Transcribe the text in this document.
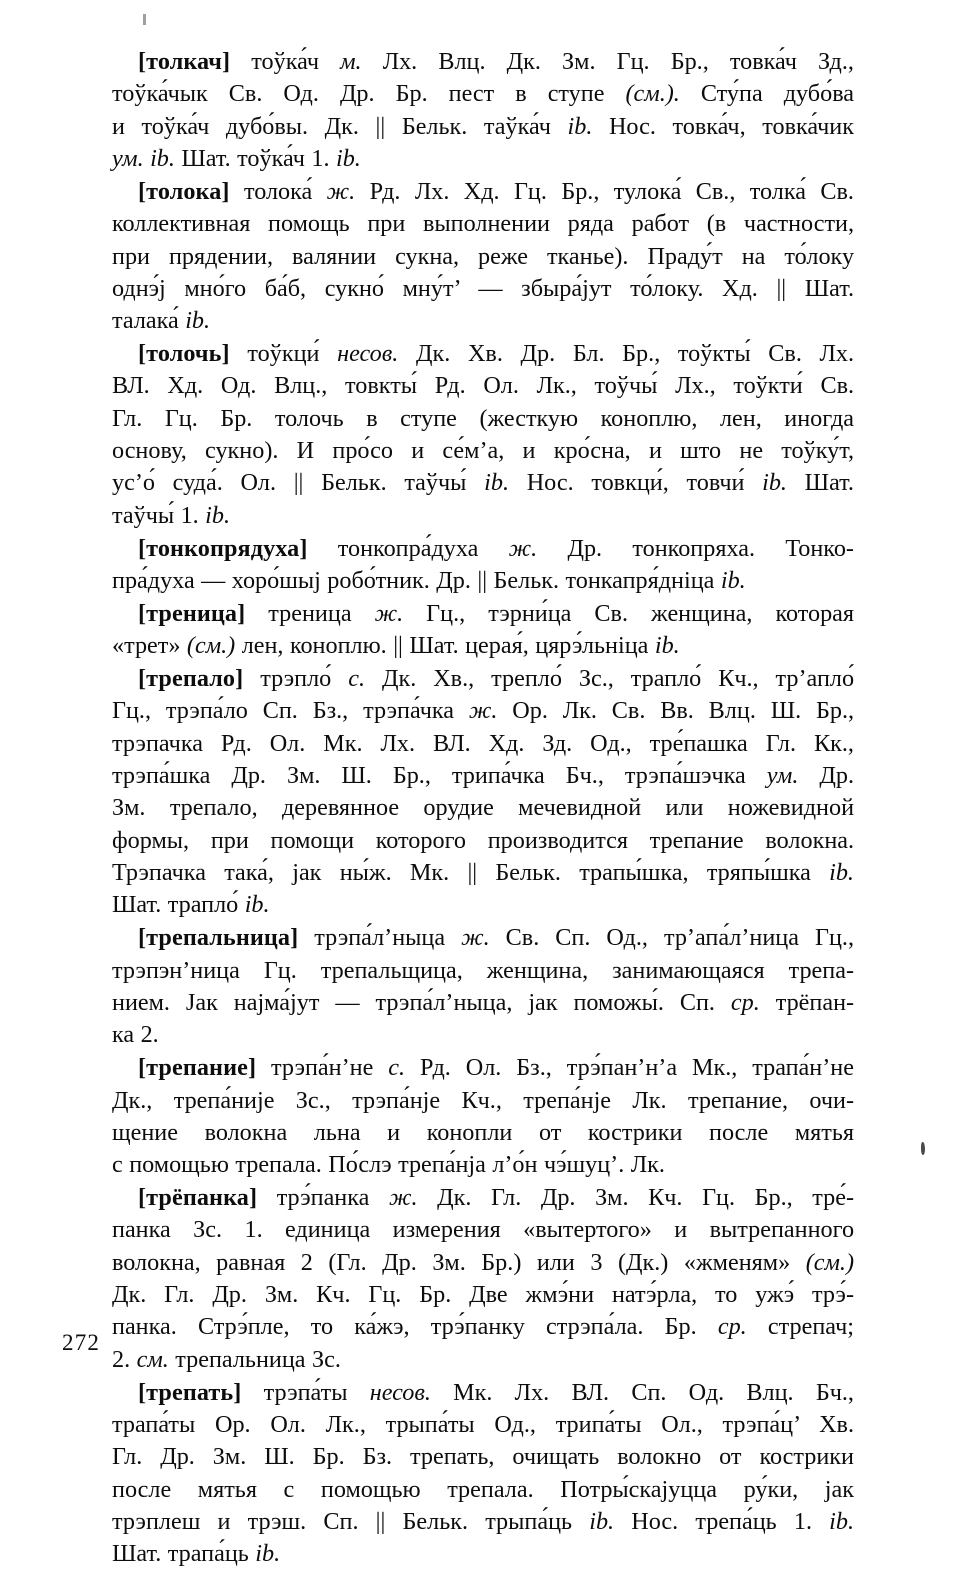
[толкач] тоўка́ч м. Лх. Влц. Дк. Зм. Гц. Бр., товка́ч Зд.,
тоўка́чык Св. Од. Др. Бр. пест в ступе (см.). Сту́па дубо́ва
и тоўка́ч дубо́вы. Дк. || Бельк. таўка́ч ib. Нос. товка́ч, товка́чик
ум. ib. Шат. тоўка́ч 1. ib.

[толока] толока́ ж. Рд. Лх. Хд. Гц. Бр., тулока́ Св., толка́ Св.
коллективная помощь при выполнении ряда работ (в частности,
при прядении, валянии сукна, реже тканье). Праду́т на то́локу
однэ́j мно́го ба́б, сукно́ мну́т’ — збыра́jут то́локу. Хд. || Шат.
талака́ ib.

[толочь] тоўкци́ несов. Дк. Хв. Др. Бл. Бр., тоўкты́ Св. Лх.
ВЛ. Хд. Од. Влц., товкты́ Рд. Ол. Лк., тоўчы́ Лх., тоўкти́ Св.
Гл. Гц. Бр. толочь в ступе (жесткую коноплю, лен, иногда
основу, сукно). И про́со и се́м’а, и кро́сна, и што не тоўку́т,
ус’о́ суда́. Ол. || Бельк. таўчы́ ib. Нос. товкци́, товчи́ ib. Шат.
таўчы́ 1. ib.

[тонкопрядуха] тонкопра́духа ж. Др. тонкопряха. Тонко-
пра́духа — хоро́шыj робо́тник. Др. || Бельк. тонкапря́дніца ib.

[треница] треница ж. Гц., тэрни́ца Св. женщина, которая
«трет» (см.) лен, коноплю. || Шат. церая́, цярэ́льніца ib.

[трепало] трэпло́ с. Дк. Хв., трепло́ Зс., трапло́ Кч., тр’апло́
Гц., трэпа́ло Сп. Бз., трэпа́чка ж. Ор. Лк. Св. Вв. Влц. Ш. Бр.,
трэпачка Рд. Ол. Мк. Лх. ВЛ. Хд. Зд. Од., тре́пашка Гл. Кк.,
трэпа́шка Др. Зм. Ш. Бр., трипа́чка Бч., трэпа́шэчка ум. Др.
Зм. трепало, деревянное орудие мечевидной или ножевидной
формы, при помощи которого производится трепание волокна.
Трэпачка така́, jaк ны́ж. Мк. || Бельк. трапы́шка, тряпы́шка ib.
Шат. трапло́ ib.

[трепальница] трэпа́л’ныца ж. Св. Сп. Од., тр’апа́л’ница Гц.,
трэпэн’ница Гц. трепальщица, женщина, занимающаяся трепа-
нием. Jaк наjма́jут — трэпа́л’ныца, jaк поможы́. Сп. ср. трёпан-
ка 2.

[трепание] трэпа́н’не с. Рд. Ол. Бз., трэ́пан’н’а Мк., трапа́н’не
Дк., трепа́ниjе Зс., трэпа́нjе Кч., трепа́нjе Лк. трепание, очи-
щение волокна льна и конопли от кострики после мятья
с помощью трепала. По́слэ трепа́нjа л’о́н чэ́шуц’. Лк.

[трёпанка] трэ́панка ж. Дк. Гл. Др. Зм. Кч. Гц. Бр., тре́-
панка Зс. 1. единица измерения «вытертого» и вытрепанного
волокна, равная 2 (Гл. Др. Зм. Бр.) или 3 (Дк.) «жменям» (см.)
Дк. Гл. Др. Зм. Кч. Гц. Бр. Две жмэ́ни натэ́рла, то ужэ́ трэ́-
панка. Стрэ́пле, то ка́жэ, трэ́панку стрэпа́ла. Бр. ср. стрепач;
2. см. трепальница Зс.

[трепать] трэпа́ты несов. Мк. Лх. ВЛ. Сп. Од. Влц. Бч.,
трапа́ты Ор. Ол. Лк., трыпа́ты Од., трипа́ты Ол., трэпа́ц’ Хв.
Гл. Др. Зм. Ш. Бр. Бз. трепать, очищать волокно от кострики
после мятья с помощью трепала. Потры́скаjуцца ру́ки, jaк
трэплеш и трэш. Сп. || Бельк. трыпа́ць ib. Нос. трепа́ць 1. ib.
Шат. трапа́ць ib.

272
